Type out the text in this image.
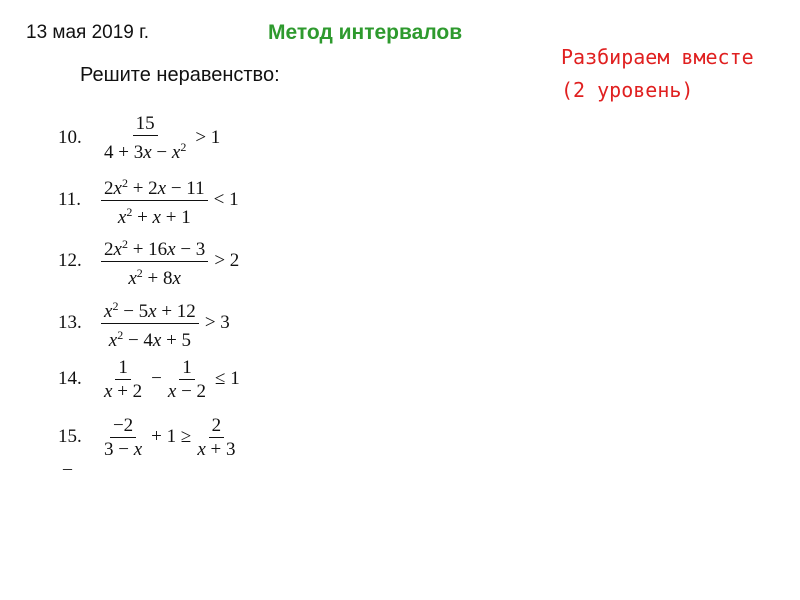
13 мая 2019 г.	Метод интервалов
Решите неравенство:
Разбираем вместе
(2 уровень)
10.	$\frac{15}{4 + 3x - x^2} > 1$
11.	$\frac{2x^2 + 2x - 11}{x^2 + x + 1} < 1$
12.	$\frac{2x^2 + 16x - 3}{x^2 + 8x} > 2$
13.	$\frac{x^2 - 5x + 12}{x^2 - 4x + 5} > 3$
14.	$\frac{1}{x + 2} - \frac{1}{x - 2} \le 1$
15.	$\frac{-2}{3 - x} + 1 \ge \frac{2}{x + 3}$
–
